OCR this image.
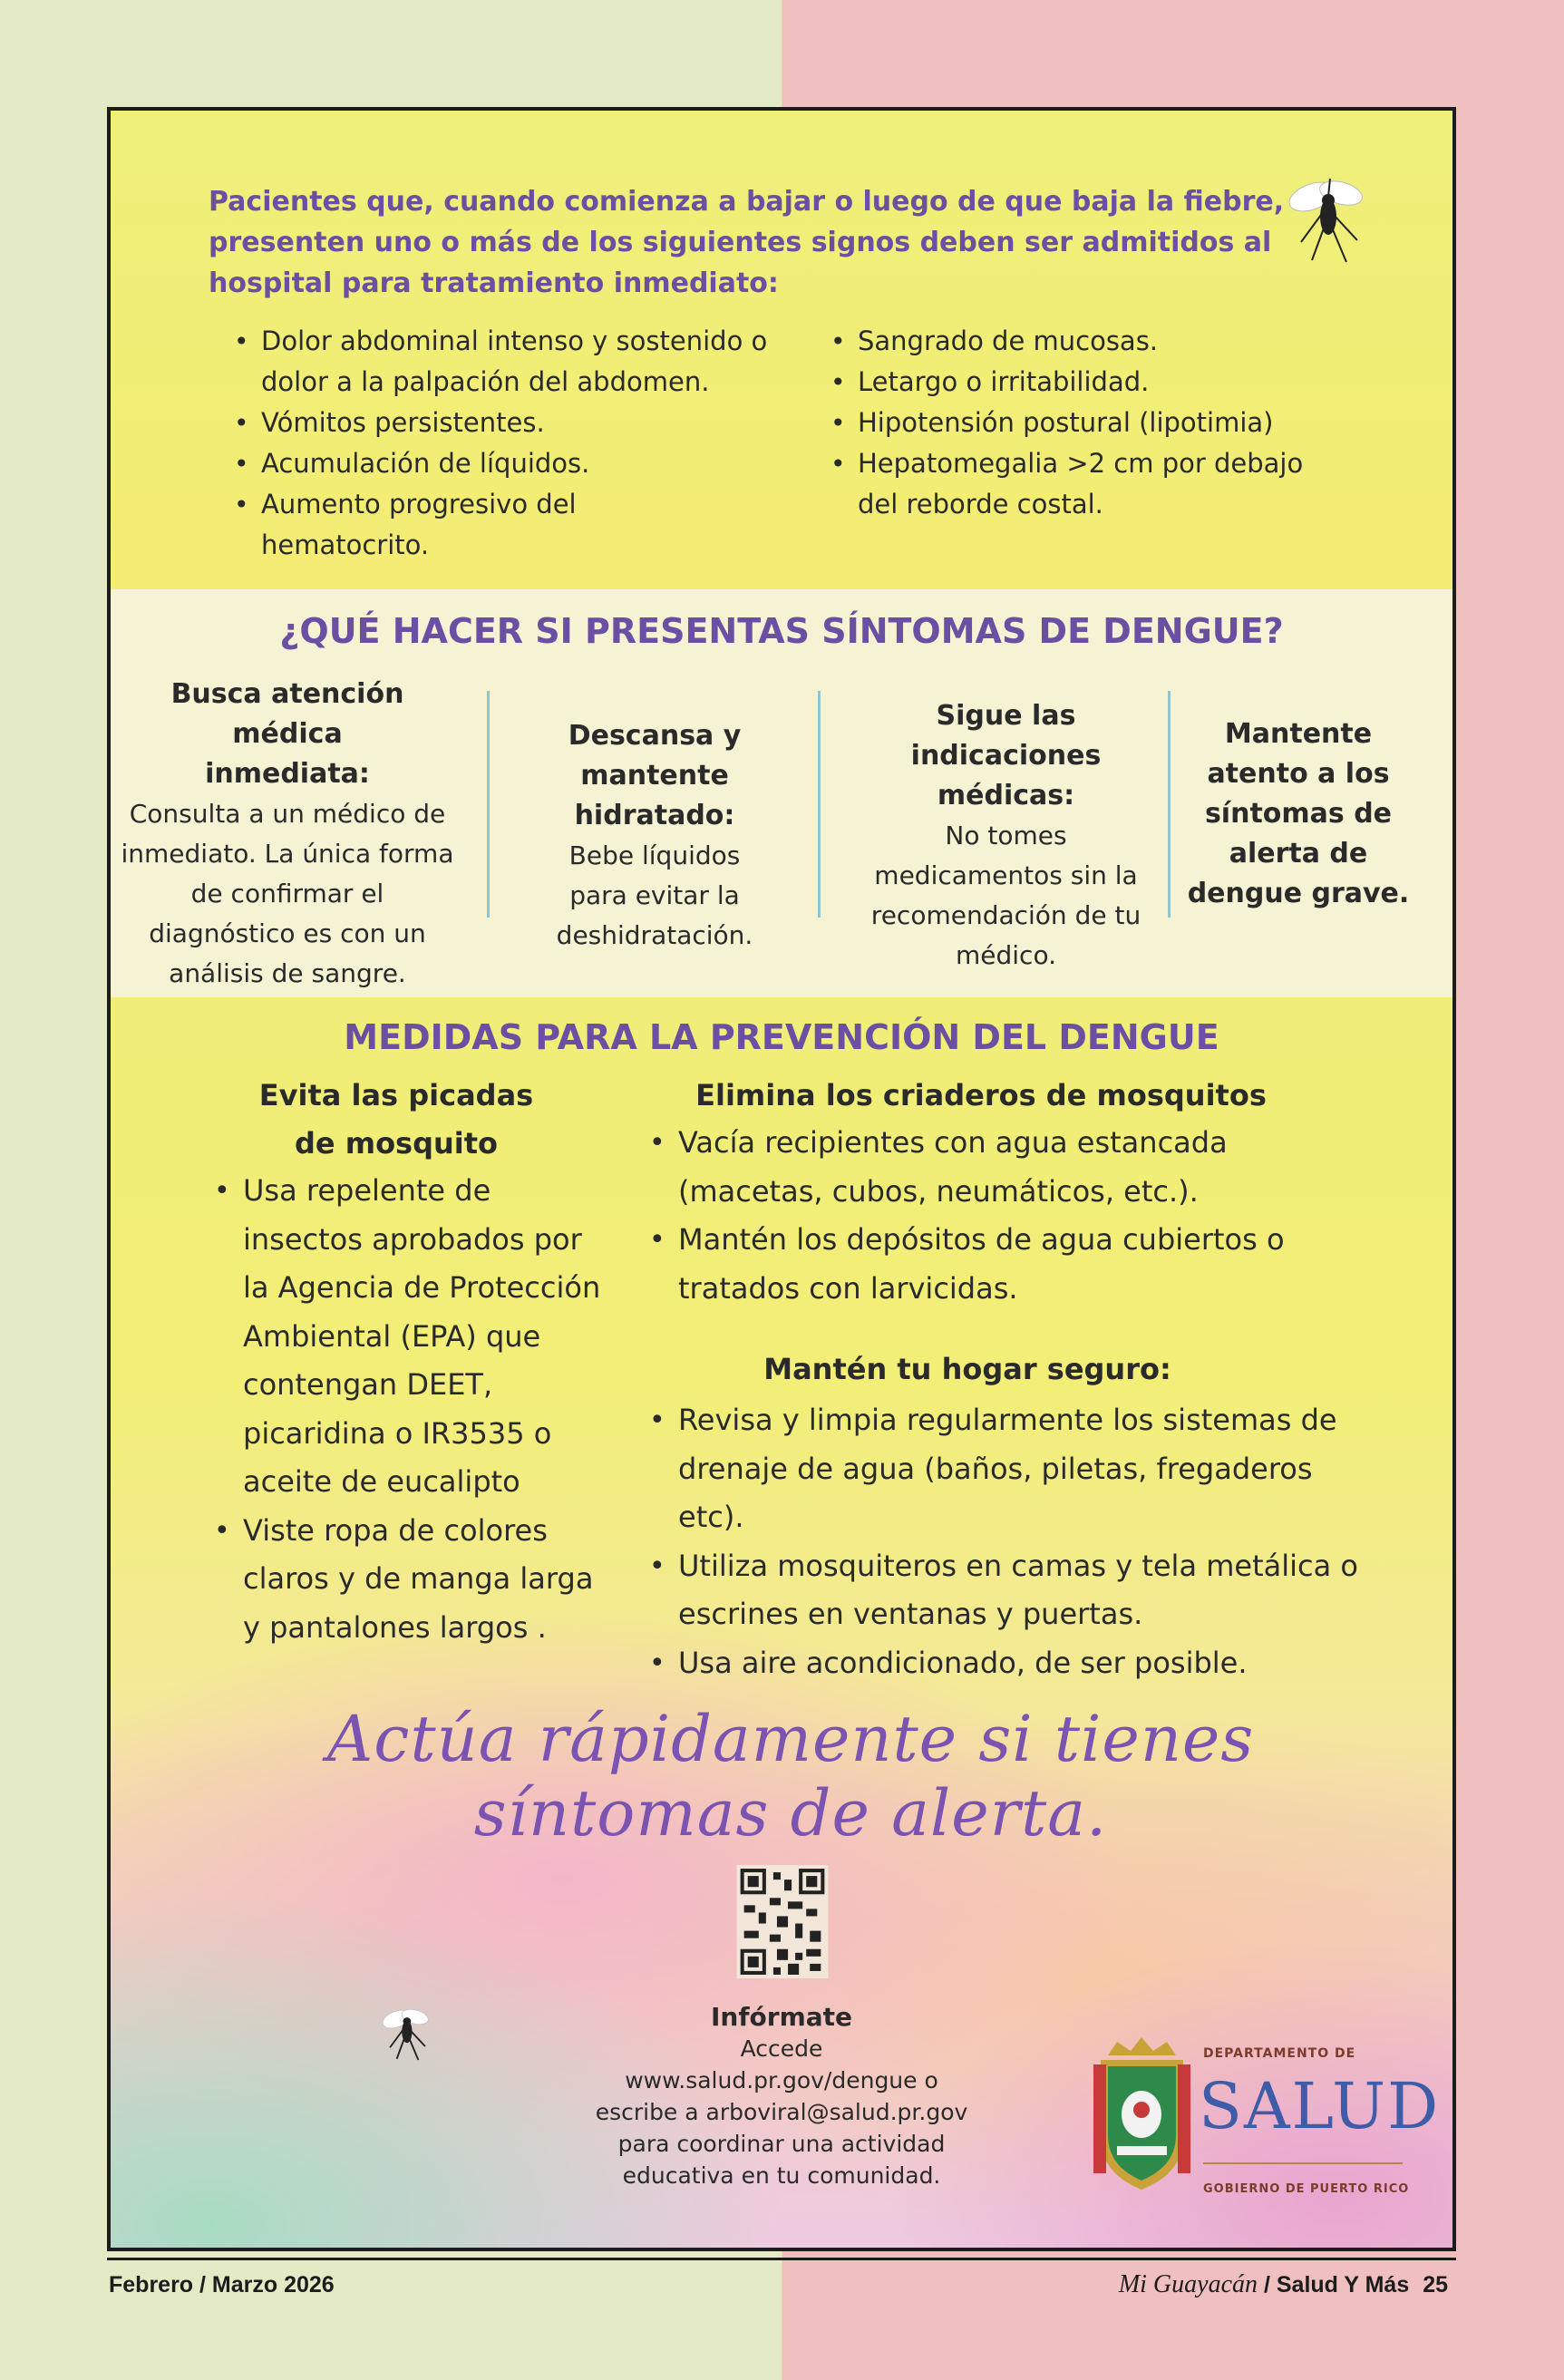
Pacientes que, cuando comienza a bajar o luego de que baja la fiebre, presenten uno o más de los siguientes signos deben ser admitidos al hospital para tratamiento inmediato:

• Dolor abdominal intenso y sostenido o dolor a la palpación del abdomen.
• Vómitos persistentes.
• Acumulación de líquidos.
• Aumento progresivo del hematocrito.
• Sangrado de mucosas.
• Letargo o irritabilidad.
• Hipotensión postural (lipotimia)
• Hepatomegalia >2 cm por debajo del reborde costal.
¿QUÉ HACER SI PRESENTAS SÍNTOMAS DE DENGUE?
Busca atención médica inmediata:
Consulta a un médico de inmediato. La única forma de confirmar el diagnóstico es con un análisis de sangre.
Descansa y mantente hidratado:
Bebe líquidos para evitar la deshidratación.
Sigue las indicaciones médicas:
No tomes medicamentos sin la recomendación de tu médico.
Mantente atento a los síntomas de alerta de dengue grave.
MEDIDAS PARA LA PREVENCIÓN DEL DENGUE
Evita las picadas de mosquito
• Usa repelente de insectos aprobados por la Agencia de Protección Ambiental (EPA) que contengan DEET, picaridina o IR3535 o aceite de eucalipto
• Viste ropa de colores claros y de manga larga y pantalones largos .
Elimina los criaderos de mosquitos
• Vacía recipientes con agua estancada (macetas, cubos, neumáticos, etc.).
• Mantén los depósitos de agua cubiertos o tratados con larvicidas.
Mantén tu hogar seguro:
• Revisa y limpia regularmente los sistemas de drenaje de agua (baños, piletas, fregaderos etc).
• Utiliza mosquiteros en camas y tela metálica o escrines en ventanas y puertas.
• Usa aire acondicionado, de ser posible.
Actúa rápidamente si tienes síntomas de alerta.
Infórmate
Accede
www.salud.pr.gov/dengue o
escribe a arboviral@salud.pr.gov
para coordinar una actividad
educativa en tu comunidad.
DEPARTAMENTO DE
SALUD
GOBIERNO DE PUERTO RICO
Febrero / Marzo 2026	Mi Guayacán / Salud Y Más 25
